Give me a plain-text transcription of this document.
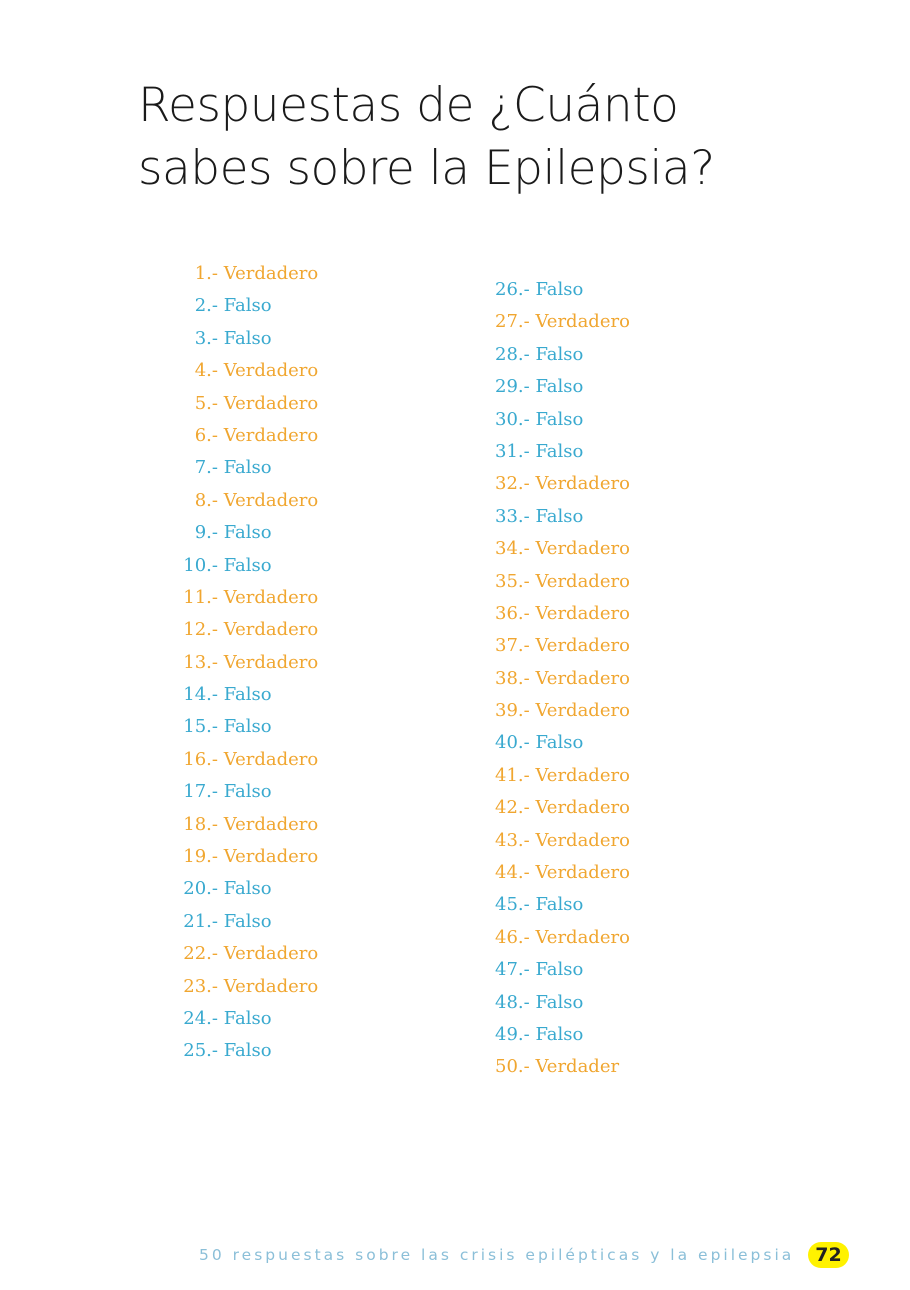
Respuestas de ¿Cuánto
sabes sobre la Epilepsia?
1.- Verdadero
2.- Falso
3.- Falso
4.- Verdadero
5.- Verdadero
6.- Verdadero
7.- Falso
8.- Verdadero
9.- Falso
10.- Falso
11.- Verdadero
12.- Verdadero
13.- Verdadero
14.- Falso
15.- Falso
16.- Verdadero
17.- Falso
18.- Verdadero
19.- Verdadero
20.- Falso
21.- Falso
22.- Verdadero
23.- Verdadero
24.- Falso
25.- Falso
26.- Falso
27.- Verdadero
28.- Falso
29.- Falso
30.- Falso
31.- Falso
32.- Verdadero
33.- Falso
34.- Verdadero
35.- Verdadero
36.- Verdadero
37.- Verdadero
38.- Verdadero
39.- Verdadero
40.- Falso
41.- Verdadero
42.- Verdadero
43.- Verdadero
44.- Verdadero
45.- Falso
46.- Verdadero
47.- Falso
48.- Falso
49.- Falso
50.- Verdader
50 respuestas sobre las crisis epilépticas y la epilepsia	72
